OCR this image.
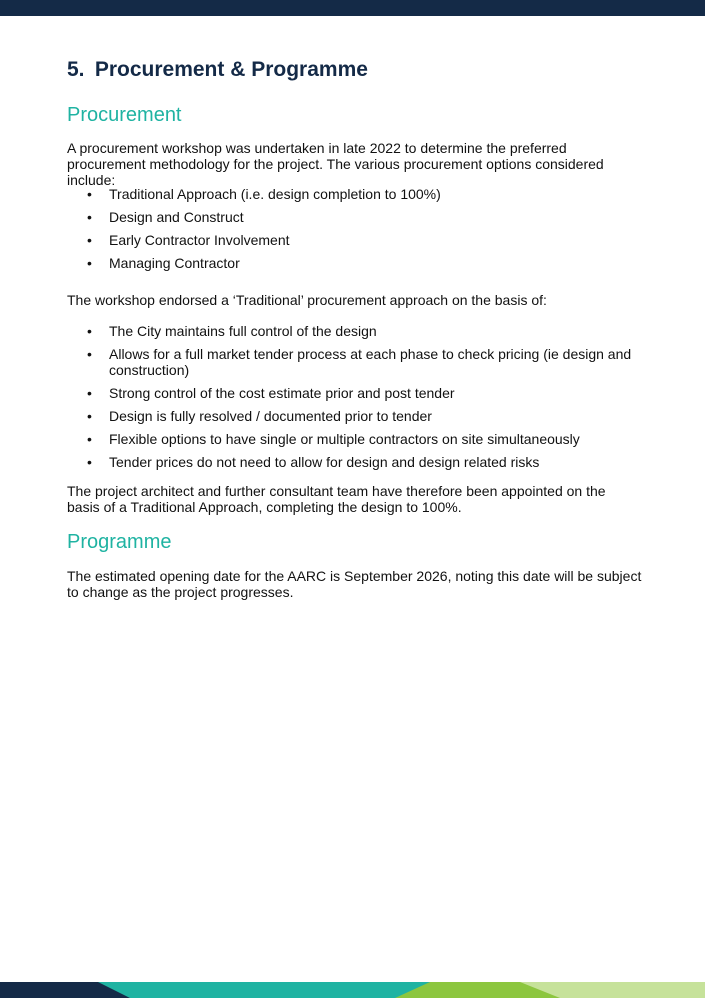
5. Procurement & Programme
Procurement

A procurement workshop was undertaken in late 2022 to determine the preferred procurement methodology for the project. The various procurement options considered include:

• Traditional Approach (i.e. design completion to 100%)
• Design and Construct
• Early Contractor Involvement
• Managing Contractor

The workshop endorsed a ‘Traditional’ procurement approach on the basis of:

• The City maintains full control of the design
• Allows for a full market tender process at each phase to check pricing (ie design and construction)
• Strong control of the cost estimate prior and post tender
• Design is fully resolved / documented prior to tender
• Flexible options to have single or multiple contractors on site simultaneously
• Tender prices do not need to allow for design and design related risks

The project architect and further consultant team have therefore been appointed on the basis of a Traditional Approach, completing the design to 100%.

Programme

The estimated opening date for the AARC is September 2026, noting this date will be subject to change as the project progresses.
